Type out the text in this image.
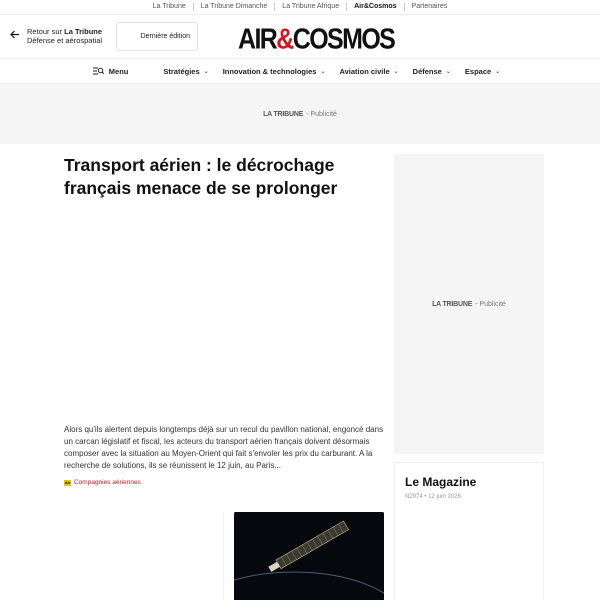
La Tribune	La Tribune Dimanche	La Tribune Afrique	Air&Cosmos	Partenaires
Retour sur La Tribune
Défense et aérospatial	Dernière édition AIR&COSMOS
Menu	Stratégies ⌄ Innovation & technologies ⌄ Aviation civile ⌄ Défense ⌄ Espace ⌄
LA TRIBUNE - Publicité
Transport aérien : le décrochage français menace de se prolonger

Alors qu'ils alertent depuis longtemps déjà sur un recul du pavillon national, engoncé dans un carcan législatif et fiscal, les acteurs du transport aérien français doivent désormais composer avec la situation au Moyen-Orient qui fait s'envoler les prix du carburant. A la recherche de solutions, ils se réunissent le 12 juin, au Paris...

Air Compagnies aériennes
LA TRIBUNE - Publicité
Le Magazine
N2974 • 12 juin 2026
